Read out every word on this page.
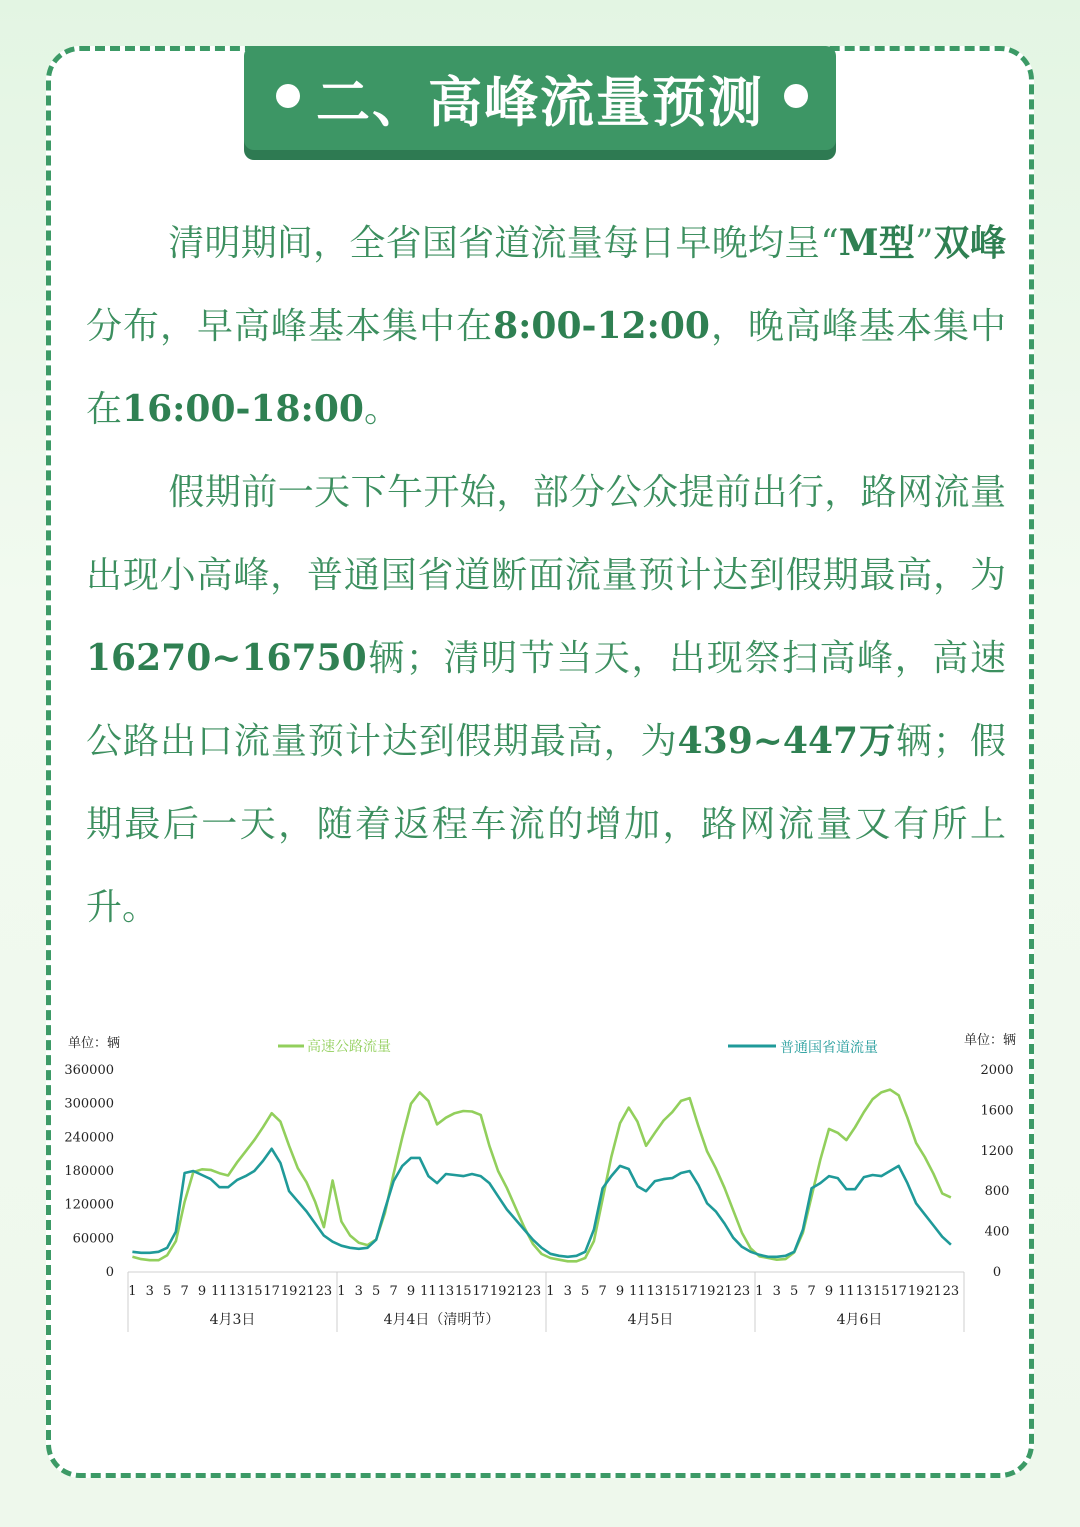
二、高峰流量预测
清明期间，全省国省道流量每日早晚均呈“M型”双峰分布，早高峰基本集中在8:00-12:00，晚高峰基本集中在16:00-18:00。
假期前一天下午开始，部分公众提前出行，路网流量出现小高峰，普通国省道断面流量预计达到假期最高，为16270~16750辆；清明节当天，出现祭扫高峰，高速公路出口流量预计达到假期最高，为439~447万辆；假期最后一天，随着返程车流的增加，路网流量又有所上升。
单位：辆	单位：辆
高速公路流量	普通国省道流量
360000
300000
240000
180000
120000
60000
0
2000
1600
1200
800
400
0
1 3 5 7 9 11 13 15 17 19 21 23 1 3 5 7 9 11 13 15 17 19 21 23 1 3 5 7 9 11 13 15 17 19 21 23 1 3 5 7 9 11 13 15 17 19 21 23
4月3日	4月4日（清明节）	4月5日	4月6日
